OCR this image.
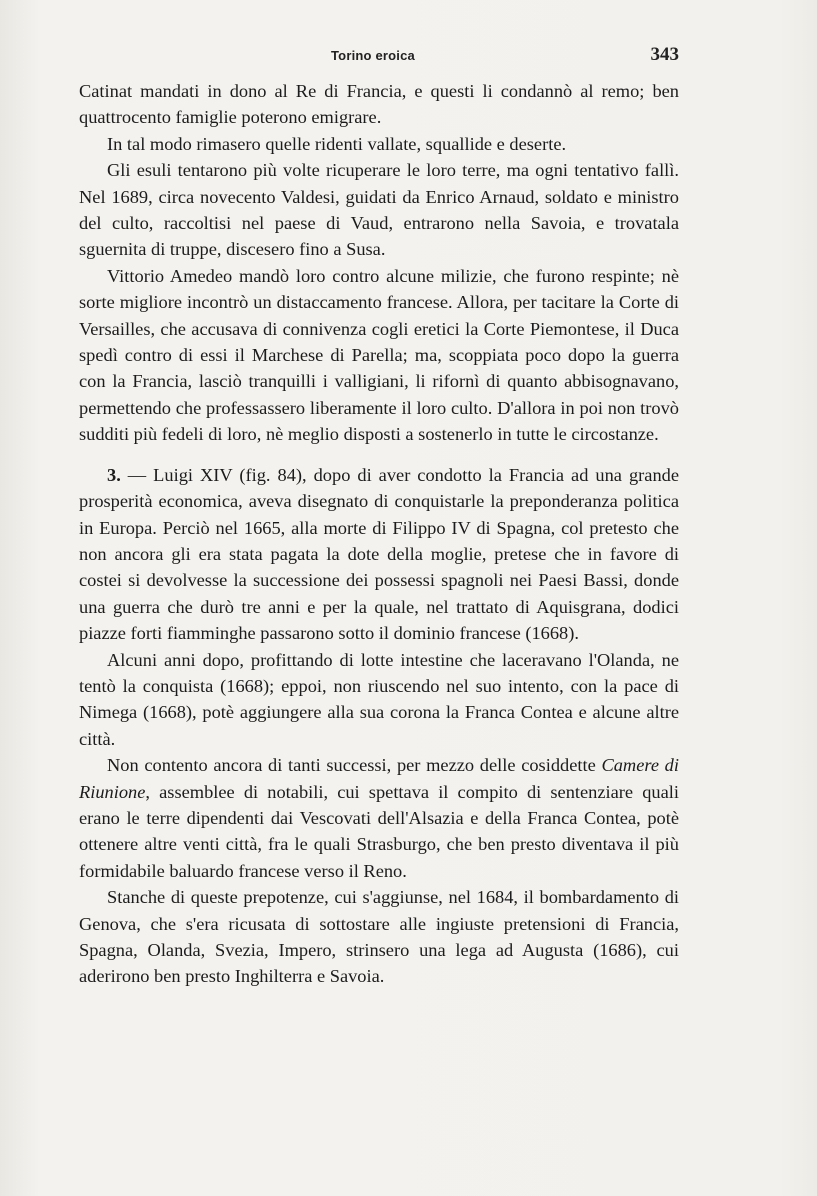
Torino eroica	343

Catinat mandati in dono al Re di Francia, e questi li condannò al remo; ben quattrocento famiglie poterono emigrare.

In tal modo rimasero quelle ridenti vallate, squallide e deserte.

Gli esuli tentarono più volte ricuperare le loro terre, ma ogni tentativo fallì. Nel 1689, circa novecento Valdesi, guidati da Enrico Arnaud, soldato e ministro del culto, raccoltisi nel paese di Vaud, entrarono nella Savoia, e trovatala sguernita di truppe, discesero fino a Susa.

Vittorio Amedeo mandò loro contro alcune milizie, che furono respinte; nè sorte migliore incontrò un distaccamento francese. Allora, per tacitare la Corte di Versailles, che accusava di connivenza cogli eretici la Corte Piemontese, il Duca spedì contro di essi il Marchese di Parella; ma, scoppiata poco dopo la guerra con la Francia, lasciò tranquilli i valligiani, li rifornì di quanto abbisognavano, permettendo che professassero liberamente il loro culto. D'allora in poi non trovò sudditi più fedeli di loro, nè meglio disposti a sostenerlo in tutte le circostanze.

3. — Luigi XIV (fig. 84), dopo di aver condotto la Francia ad una grande prosperità economica, aveva disegnato di conquistarle la preponderanza politica in Europa. Perciò nel 1665, alla morte di Filippo IV di Spagna, col pretesto che non ancora gli era stata pagata la dote della moglie, pretese che in favore di costei si devolvesse la successione dei possessi spagnoli nei Paesi Bassi, donde una guerra che durò tre anni e per la quale, nel trattato di Aquisgrana, dodici piazze forti fiamminghe passarono sotto il dominio francese (1668).

Alcuni anni dopo, profittando di lotte intestine che laceravano l'Olanda, ne tentò la conquista (1668); eppoi, non riuscendo nel suo intento, con la pace di Nimega (1668), potè aggiungere alla sua corona la Franca Contea e alcune altre città.

Non contento ancora di tanti successi, per mezzo delle cosiddette Camere di Riunione, assemblee di notabili, cui spettava il compito di sentenziare quali erano le terre dipendenti dai Vescovati dell'Alsazia e della Franca Contea, potè ottenere altre venti città, fra le quali Strasburgo, che ben presto diventava il più formidabile baluardo francese verso il Reno.

Stanche di queste prepotenze, cui s'aggiunse, nel 1684, il bombardamento di Genova, che s'era ricusata di sottostare alle ingiuste pretensioni di Francia, Spagna, Olanda, Svezia, Impero, strinsero una lega ad Augusta (1686), cui aderirono ben presto Inghilterra e Savoia.
